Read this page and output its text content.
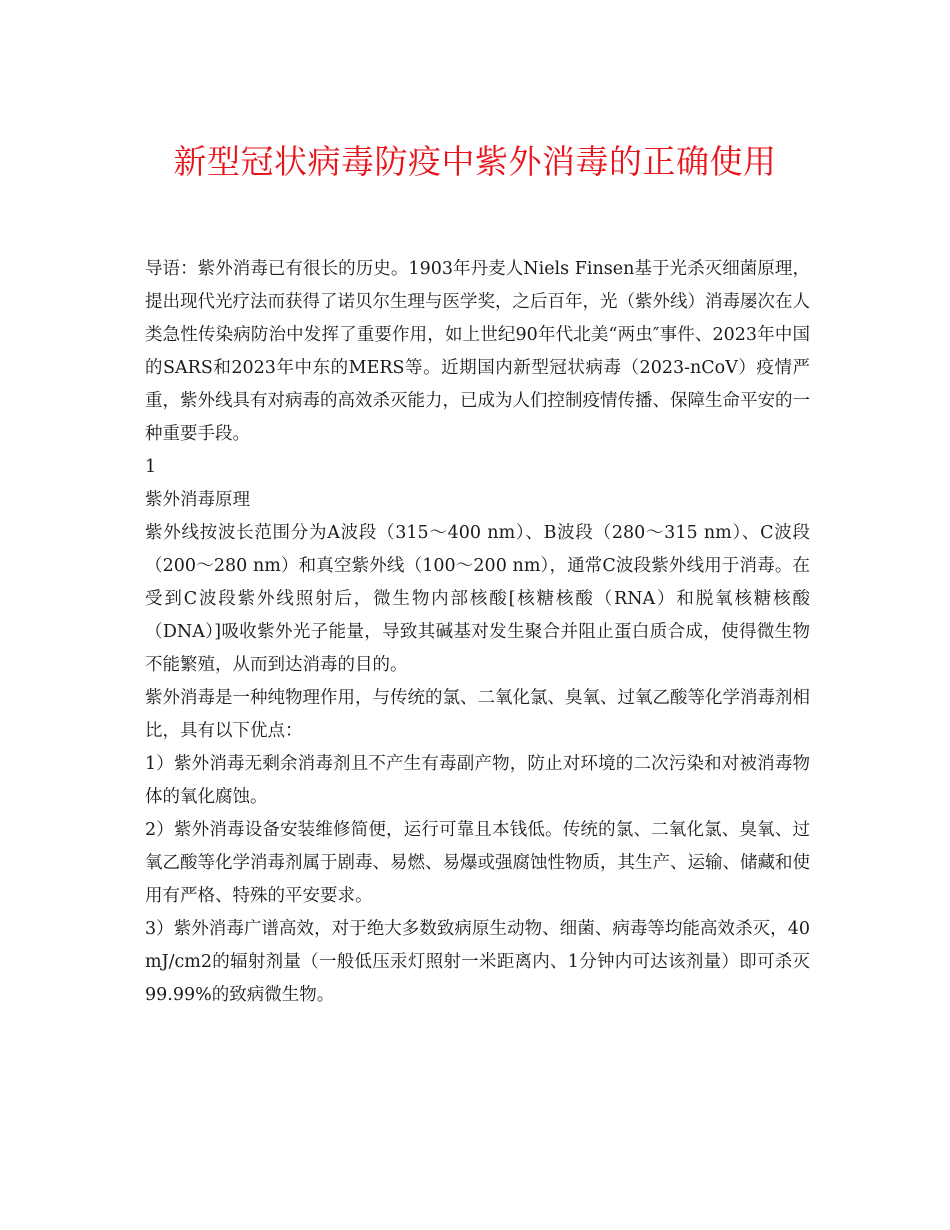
新型冠状病毒防疫中紫外消毒的正确使用

导语：紫外消毒已有很长的历史。1903年丹麦人Niels Finsen基于光杀灭细菌原理，提出现代光疗法而获得了诺贝尔生理与医学奖，之后百年，光（紫外线）消毒屡次在人类急性传染病防治中发挥了重要作用，如上世纪90年代北美“两虫″事件、2023年中国的SARS和2023年中东的MERS等。近期国内新型冠状病毒（2023-nCoV）疫情严重，紫外线具有对病毒的高效杀灭能力，已成为人们控制疫情传播、保障生命平安的一种重要手段。

1

紫外消毒原理

紫外线按波长范围分为A波段（315～400 nm）、B波段（280～315 nm）、C波段（200～280 nm）和真空紫外线（100～200 nm），通常C波段紫外线用于消毒。在受到C波段紫外线照射后，微生物内部核酸[核糖核酸（RNA）和脱氧核糖核酸（DNA）]吸收紫外光子能量，导致其碱基对发生聚合并阻止蛋白质合成，使得微生物不能繁殖，从而到达消毒的目的。

紫外消毒是一种纯物理作用，与传统的氯、二氧化氯、臭氧、过氧乙酸等化学消毒剂相比，具有以下优点：

1）紫外消毒无剩余消毒剂且不产生有毒副产物，防止对环境的二次污染和对被消毒物体的氧化腐蚀。

2）紫外消毒设备安装维修简便，运行可靠且本钱低。传统的氯、二氧化氯、臭氧、过氧乙酸等化学消毒剂属于剧毒、易燃、易爆或强腐蚀性物质，其生产、运输、储藏和使用有严格、特殊的平安要求。

3）紫外消毒广谱高效，对于绝大多数致病原生动物、细菌、病毒等均能高效杀灭，40 mJ/cm2的辐射剂量（一般低压汞灯照射一米距离内、1分钟内可达该剂量）即可杀灭99.99%的致病微生物。
